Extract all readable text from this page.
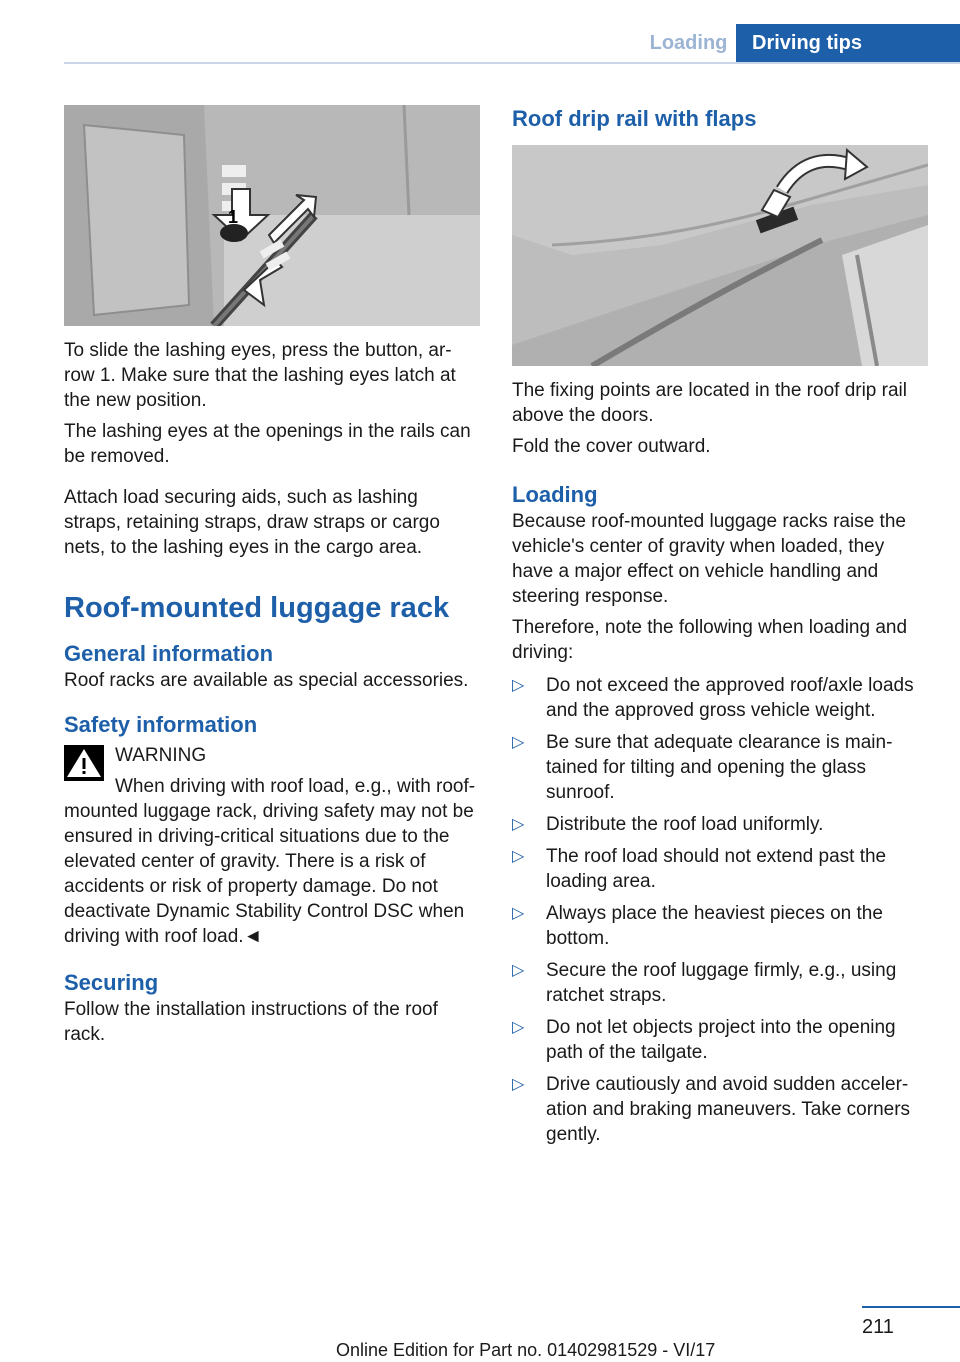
Loading	Driving tips
1

To slide the lashing eyes, press the button, ar-row 1. Make sure that the lashing eyes latch at the new position.

The lashing eyes at the openings in the rails can be removed.

Attach load securing aids, such as lashing straps, retaining straps, draw straps or cargo nets, to the lashing eyes in the cargo area.

Roof-mounted luggage rack
General information

Roof racks are available as special accessories.

Safety information
WARNING

When driving with roof load, e.g., with roof-mounted luggage rack, driving safety may not be ensured in driving-critical situations due to the elevated center of gravity. There is a risk of accidents or risk of property damage. Do not deactivate Dynamic Stability Control DSC when driving with roof load.◄

Securing

Follow the installation instructions of the roof rack.

Roof drip rail with flaps

The fixing points are located in the roof drip rail above the doors.

Fold the cover outward.

Loading

Because roof-mounted luggage racks raise the vehicle's center of gravity when loaded, they have a major effect on vehicle handling and steering response.

Therefore, note the following when loading and driving:

▷ Do not exceed the approved roof/axle loads and the approved gross vehicle weight.
▷ Be sure that adequate clearance is main-tained for tilting and opening the glass sunroof.
▷ Distribute the roof load uniformly.
▷ The roof load should not extend past the loading area.
▷ Always place the heaviest pieces on the bottom.
▷ Secure the roof luggage firmly, e.g., using ratchet straps.
▷ Do not let objects project into the opening path of the tailgate.
▷ Drive cautiously and avoid sudden acceler-ation and braking maneuvers. Take corners gently.
211
Online Edition for Part no. 01402981529 - VI/17
